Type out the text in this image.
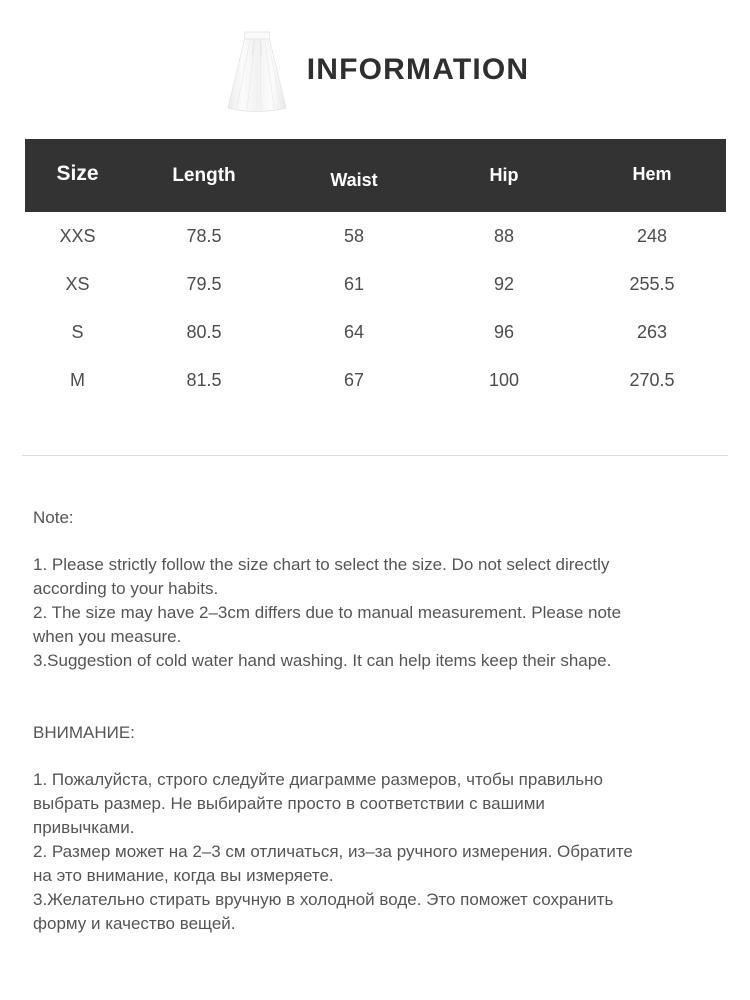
INFORMATION
Size	Length	Waist	Hip	Hem
XXS	78.5	58	88	248
XS	79.5	61	92	255.5
S	80.5	64	96	263
M	81.5	67	100	270.5
Note:

1. Please strictly follow the size chart to select the size. Do not select directly

according to your habits.

2. The size may have 2–3cm differs due to manual measurement. Please note

when you measure.

3.Suggestion of cold water hand washing. It can help items keep their shape.

ВНИМАНИЕ:

1. Пожалуйста, строго следуйте диаграмме размеров, чтобы правильно

выбрать размер. Не выбирайте просто в соответствии с вашими

привычками.

2. Размер может на 2–3 см отличаться, из–за ручного измерения. Обратите

на это внимание, когда вы измеряете.

3.Желательно стирать вручную в холодной воде. Это поможет сохранить

форму и качество вещей.
